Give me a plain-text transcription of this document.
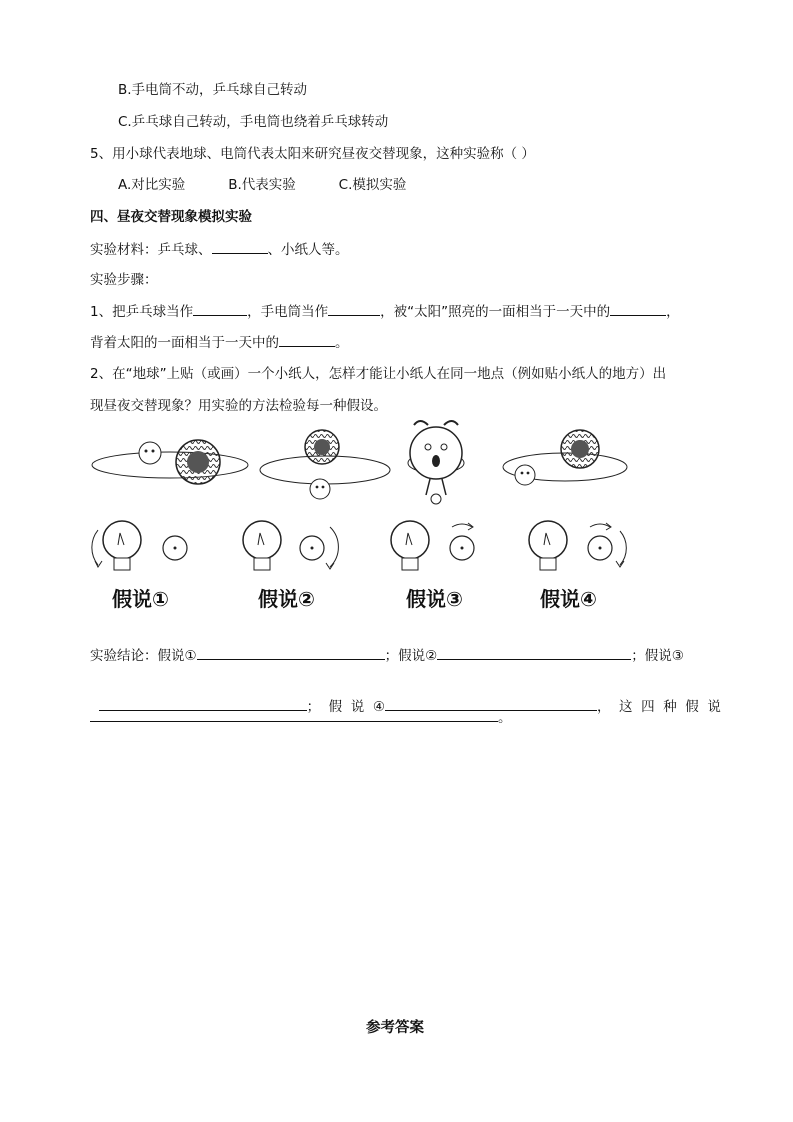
B.手电筒不动，乒乓球自己转动
C.乒乓球自己转动，手电筒也绕着乒乓球转动
5、用小球代表地球、电筒代表太阳来研究昼夜交替现象，这种实验称（ ）
A.对比实验          B.代表实验          C.模拟实验
四、昼夜交替现象模拟实验
实验材料：乒乓球、	、小纸人等。
实验步骤：
1、把乒乓球当作	，手电筒当作	，被“太阳”照亮的一面相当于一天中的	，
背着太阳的一面相当于一天中的	。
2、在“地球”上贴（或画）一个小纸人，怎样才能让小纸人在同一地点（例如贴小纸人的地方）出
现昼夜交替现象？用实验的方法检验每一种假设。
假说①	假说②	假说③	假说④
实验结论：假说①	；假说②	；假说③

；  假  说  ④	，  这  四  种  假  说

。
参考答案
